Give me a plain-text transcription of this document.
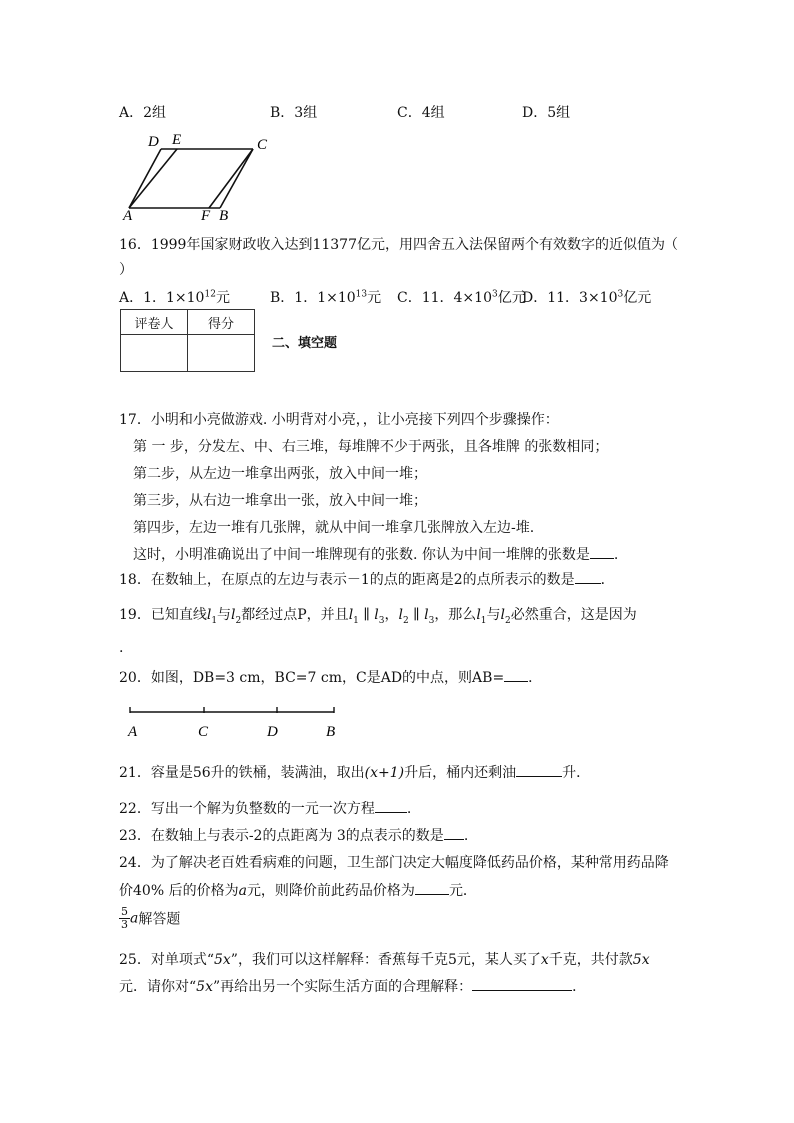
A．2组	B．3组	C．4组	D．5组
D E	C
A	F B
16．1999年国家财政收入达到11377亿元，用四舍五入法保留两个有效数字的近似值为 （
）
A．1．$1\times 10^{12}$元	B．1．$1\times 10^{13}$元 C．11．$4\times 10^3$亿元
D．11．$3\times 10^3$亿元
评卷人	得分

二、填空题
17．小明和小亮做游戏. 小明背对小亮，，让小亮接下列四个步骤操作：
第 一 步，分发左、中、右三堆，每堆牌不少于两张，且各堆牌 的张数相同；
第二步，从左边一堆拿出两张，放入中间一堆；
第三步，从右边一堆拿出一张，放入中间一堆；
第四步，左边一堆有几张牌，就从中间一堆拿几张牌放入左边-堆.
这时，小明准确说出了中间一堆牌现有的张数. 你认为中间一堆牌的张数是 .
18．在数轴上，在原点的左边与表示－1的点的距离是2的点所表示的数是 ．
19．已知直线$l_1$与$l_2$都经过点P，并且$l_1$ ∥ $l_3$，$l_2$ ∥ $l_3$，那么$l_1$与$l_2$必然重合，这是因为
.
20．如图，DB=3 cm，BC=7 cm，C是AD的中点，则AB= ．
A	C	D	B
21．容量是56升的铁桶，装满油，取出(x+1)升后，桶内还剩油	升．
22．写出一个解为负整数的一元一次方程 .
23．在数轴上与表示-2的点距离为 3的点表示的数是 .
24．为了解决老百姓看病难的问题，卫生部门决定大幅度降低药品价格，某种常用药品降
价40% 后的价格为a元，则降价前此药品价格为 元．
$\frac{5}{3}$ a解答题
25．对单项式“5x”，我们可以这样解释：香蕉每千克5元，某人买了x千克，共付款5x
元．请你对“5x”再给出另一个实际生活方面的合理解释：	．
